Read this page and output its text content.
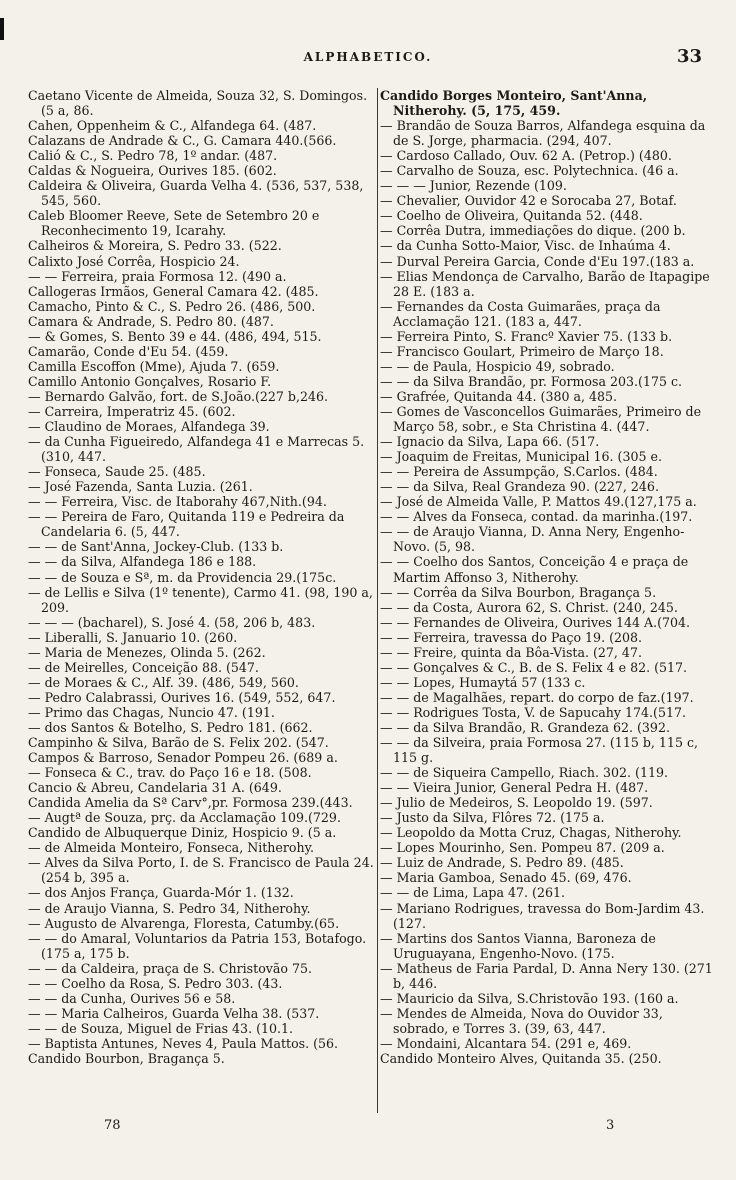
ALPHABETICO.	33

Caetano Vicente de Almeida, Souza 32, S. Domingos. (5 a, 86.

Cahen, Oppenheim & C., Alfandega 64. (487.

Calazans de Andrade & C., G. Camara 440.(566.

Calió & C., S. Pedro 78, 1º andar. (487.

Caldas & Nogueira, Ourives 185. (602.

Caldeira & Oliveira, Guarda Velha 4. (536, 537, 538, 545, 560.

Caleb Bloomer Reeve, Sete de Setembro 20 e Reconhecimento 19, Icarahy.

Calheiros & Moreira, S. Pedro 33. (522.

Calixto José Corrêa, Hospicio 24.

— — Ferreira, praia Formosa 12. (490 a.

Callogeras Irmãos, General Camara 42. (485.

Camacho, Pinto & C., S. Pedro 26. (486, 500.

Camara & Andrade, S. Pedro 80. (487.

— & Gomes, S. Bento 39 e 44. (486, 494, 515.

Camarão, Conde d'Eu 54. (459.

Camilla Escoffon (Mme), Ajuda 7. (659.

Camillo Antonio Gonçalves, Rosario F.

— Bernardo Galvão, fort. de S.João.(227 b,246.

— Carreira, Imperatriz 45. (602.

— Claudino de Moraes, Alfandega 39.

— da Cunha Figueiredo, Alfandega 41 e Marrecas 5. (310, 447.

— Fonseca, Saude 25. (485.

— José Fazenda, Santa Luzia. (261.

— — Ferreira, Visc. de Itaborahy 467,Nith.(94.

— — Pereira de Faro, Quitanda 119 e Pedreira da Candelaria 6. (5, 447.

— — de Sant'Anna, Jockey-Club. (133 b.

— — da Silva, Alfandega 186 e 188.

— — de Souza e Sª, m. da Providencia 29.(175c.

— de Lellis e Silva (1º tenente), Carmo 41. (98, 190 a, 209.

— — — (bacharel), S. José 4. (58, 206 b, 483.

— Liberalli, S. Januario 10. (260.

— Maria de Menezes, Olinda 5. (262.

— de Meirelles, Conceição 88. (547.

— de Moraes & C., Alf. 39. (486, 549, 560.

— Pedro Calabrassi, Ourives 16. (549, 552, 647.

— Primo das Chagas, Nuncio 47. (191.

— dos Santos & Botelho, S. Pedro 181. (662.

Campinho & Silva, Barão de S. Felix 202. (547.

Campos & Barroso, Senador Pompeu 26. (689 a.

— Fonseca & C., trav. do Paço 16 e 18. (508.

Cancio & Abreu, Candelaria 31 A. (649.

Candida Amelia da Sª Carv°,pr. Formosa 239.(443.

— Augtª de Souza, prç. da Acclamação 109.(729.

Candido de Albuquerque Diniz, Hospicio 9. (5 a.

— de Almeida Monteiro, Fonseca, Nitherohy.

— Alves da Silva Porto, I. de S. Francisco de Paula 24. (254 b, 395 a.

— dos Anjos França, Guarda-Mór 1. (132.

— de Araujo Vianna, S. Pedro 34, Nitherohy.

— Augusto de Alvarenga, Floresta, Catumby.(65.

— — do Amaral, Voluntarios da Patria 153, Botafogo. (175 a, 175 b.

— — da Caldeira, praça de S. Christovão 75.

— — Coelho da Rosa, S. Pedro 303. (43.

— — da Cunha, Ourives 56 e 58.

— — Maria Calheiros, Guarda Velha 38. (537.

— — de Souza, Miguel de Frias 43. (10.1.

— Baptista Antunes, Neves 4, Paula Mattos. (56.

Candido Bourbon, Bragança 5.

Candido Borges Monteiro, Sant'Anna, Nitherohy. (5, 175, 459.

— Brandão de Souza Barros, Alfandega esquina da de S. Jorge, pharmacia. (294, 407.

— Cardoso Callado, Ouv. 62 A. (Petrop.) (480.

— Carvalho de Souza, esc. Polytechnica. (46 a.

— — — Junior, Rezende (109.

— Chevalier, Ouvidor 42 e Sorocaba 27, Botaf.

— Coelho de Oliveira, Quitanda 52. (448.

— Corrêa Dutra, immediações do dique. (200 b.

— da Cunha Sotto-Maior, Visc. de Inhaúma 4.

— Durval Pereira Garcia, Conde d'Eu 197.(183 a.

— Elias Mendonça de Carvalho, Barão de Itapagipe 28 E. (183 a.

— Fernandes da Costa Guimarães, praça da Acclamação 121. (183 a, 447.

— Ferreira Pinto, S. Francº Xavier 75. (133 b.

— Francisco Goulart, Primeiro de Março 18.

— — de Paula, Hospicio 49, sobrado.

— — da Silva Brandão, pr. Formosa 203.(175 c.

— Grafrée, Quitanda 44. (380 a, 485.

— Gomes de Vasconcellos Guimarães, Primeiro de Março 58, sobr., e Sta Christina 4. (447.

— Ignacio da Silva, Lapa 66. (517.

— Joaquim de Freitas, Municipal 16. (305 e.

— — Pereira de Assumpção, S.Carlos. (484.

— — da Silva, Real Grandeza 90. (227, 246.

— José de Almeida Valle, P. Mattos 49.(127,175 a.

— — Alves da Fonseca, contad. da marinha.(197.

— — de Araujo Vianna, D. Anna Nery, Engenho-Novo. (5, 98.

— — Coelho dos Santos, Conceição 4 e praça de Martim Affonso 3, Nitherohy.

— — Corrêa da Silva Bourbon, Bragança 5.

— — da Costa, Aurora 62, S. Christ. (240, 245.

— — Fernandes de Oliveira, Ourives 144 A.(704.

— — Ferreira, travessa do Paço 19. (208.

— — Freire, quinta da Bôa-Vista. (27, 47.

— — Gonçalves & C., B. de S. Felix 4 e 82. (517.

— — Lopes, Humaytá 57 (133 c.

— — de Magalhães, repart. do corpo de faz.(197.

— — Rodrigues Tosta, V. de Sapucahy 174.(517.

— — da Silva Brandão, R. Grandeza 62. (392.

— — da Silveira, praia Formosa 27. (115 b, 115 c, 115 g.

— — de Siqueira Campello, Riach. 302. (119.

— — Vieira Junior, General Pedra H. (487.

— Julio de Medeiros, S. Leopoldo 19. (597.

— Justo da Silva, Flôres 72. (175 a.

— Leopoldo da Motta Cruz, Chagas, Nitherohy.

— Lopes Mourinho, Sen. Pompeu 87. (209 a.

— Luiz de Andrade, S. Pedro 89. (485.

— Maria Gamboa, Senado 45. (69, 476.

— — de Lima, Lapa 47. (261.

— Mariano Rodrigues, travessa do Bom-Jardim 43. (127.

— Martins dos Santos Vianna, Baroneza de Uruguayana, Engenho-Novo. (175.

— Matheus de Faria Pardal, D. Anna Nery 130. (271 b, 446.

— Mauricio da Silva, S.Christovão 193. (160 a.

— Mendes de Almeida, Nova do Ouvidor 33, sobrado, e Torres 3. (39, 63, 447.

— Mondaini, Alcantara 54. (291 e, 469.

Candido Monteiro Alves, Quitanda 35. (250.

78	3
